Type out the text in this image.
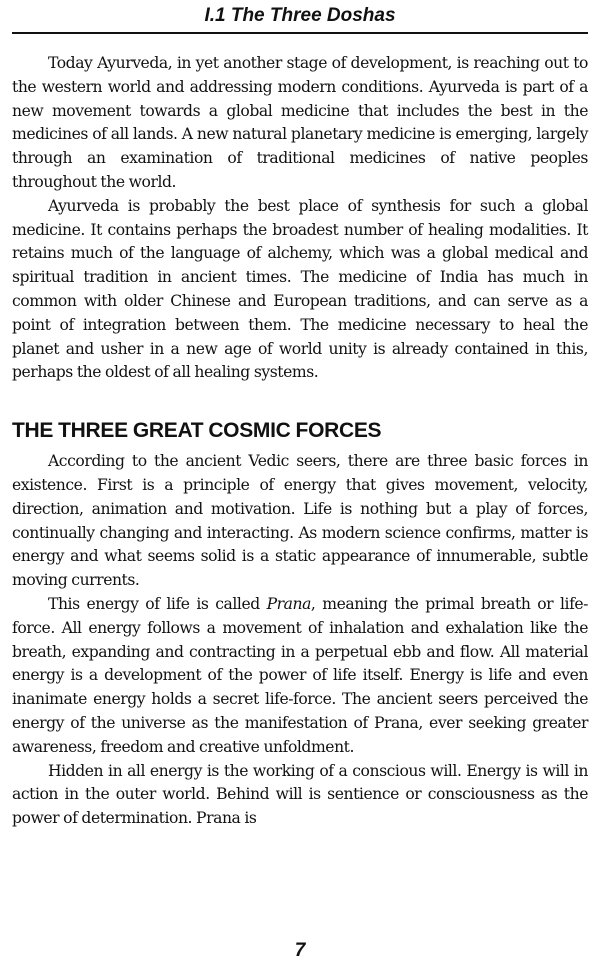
I.1 The Three Doshas

Today Ayurveda, in yet another stage of development, is reaching out to the western world and addressing modern conditions. Ayurveda is part of a new movement towards a global medicine that includes the best in the medicines of all lands. A new natural planetary medicine is emerging, largely through an examination of traditional medicines of native peoples throughout the world.

Ayurveda is probably the best place of synthesis for such a global medicine. It contains perhaps the broadest number of healing modalities. It retains much of the language of alchemy, which was a global medical and spiritual tradition in ancient times. The medicine of India has much in common with older Chinese and European traditions, and can serve as a point of integration between them. The medicine necessary to heal the planet and usher in a new age of world unity is already contained in this, perhaps the oldest of all healing systems.

THE THREE GREAT COSMIC FORCES

According to the ancient Vedic seers, there are three basic forces in existence. First is a principle of energy that gives movement, velocity, direction, animation and motivation. Life is nothing but a play of forces, continually changing and interacting. As modern science confirms, matter is energy and what seems solid is a static appearance of innumerable, subtle moving currents.

This energy of life is called Prana, meaning the primal breath or life-force. All energy follows a movement of inhalation and exhalation like the breath, expanding and contracting in a perpetual ebb and flow. All material energy is a development of the power of life itself. Energy is life and even inanimate energy holds a secret life-force. The ancient seers perceived the energy of the universe as the manifestation of Prana, ever seeking greater awareness, freedom and creative unfoldment.

Hidden in all energy is the working of a conscious will. Energy is will in action in the outer world. Behind will is sentience or consciousness as the power of determination. Prana is

7
